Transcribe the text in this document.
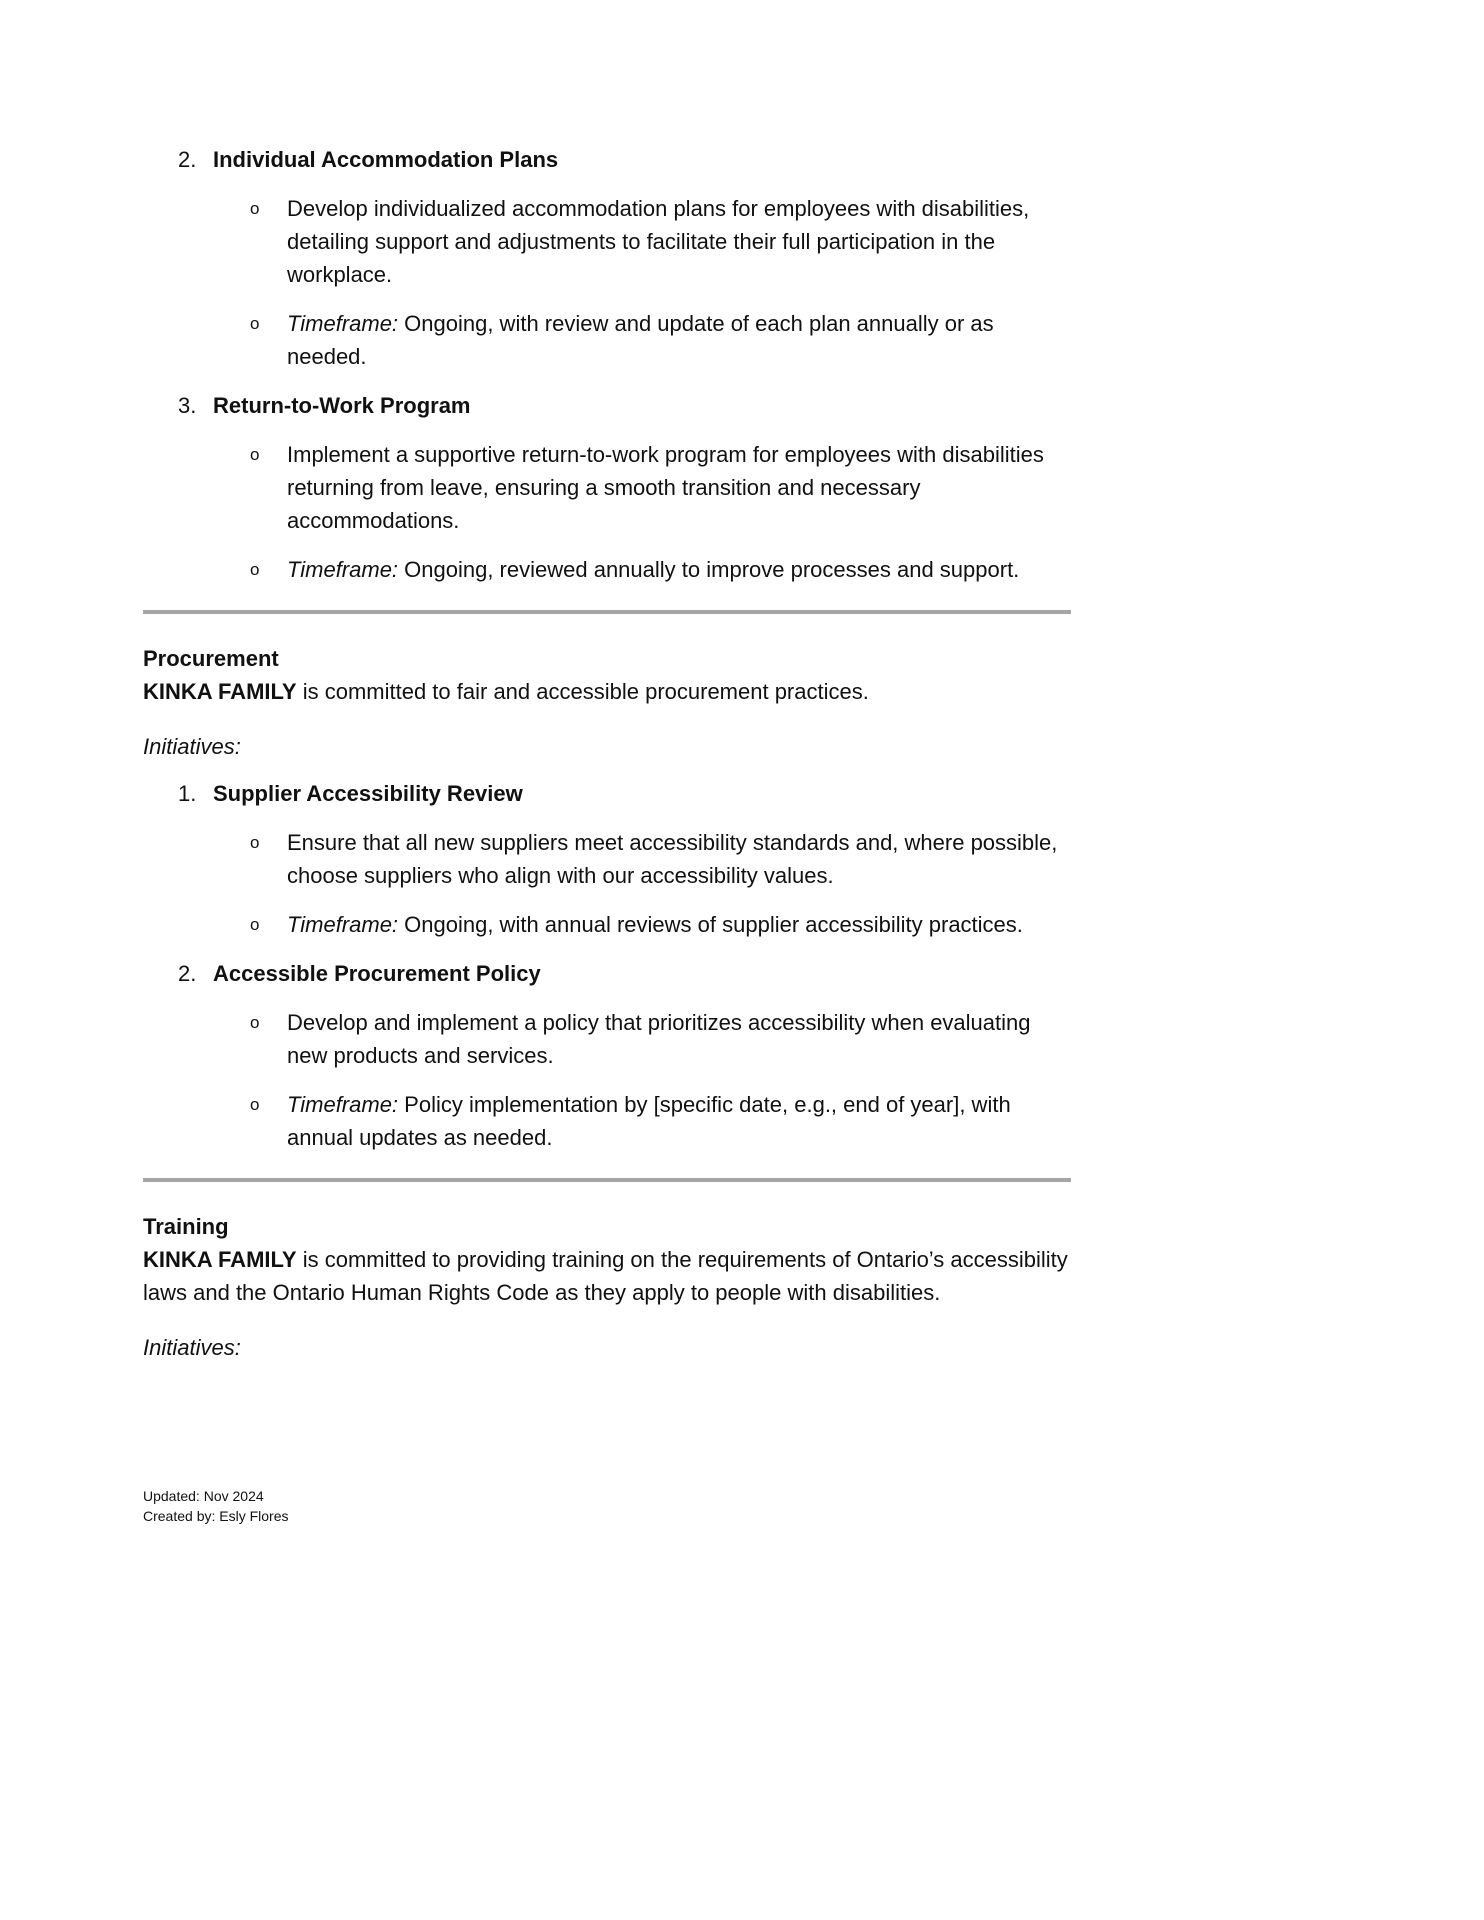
2. Individual Accommodation Plans
o	Develop individualized accommodation plans for employees with disabilities, detailing support and adjustments to facilitate their full participation in the workplace.

o	Timeframe: Ongoing, with review and update of each plan annually or as needed.

3. Return-to-Work Program
o	Implement a supportive return-to-work program for employees with disabilities returning from leave, ensuring a smooth transition and necessary accommodations.

o	Timeframe: Ongoing, reviewed annually to improve processes and support.

Procurement

KINKA FAMILY is committed to fair and accessible procurement practices.

Initiatives:

1. Supplier Accessibility Review
o	Ensure that all new suppliers meet accessibility standards and, where possible, choose suppliers who align with our accessibility values.

o	Timeframe: Ongoing, with annual reviews of supplier accessibility practices.

2. Accessible Procurement Policy
o	Develop and implement a policy that prioritizes accessibility when evaluating new products and services.

o	Timeframe: Policy implementation by [specific date, e.g., end of year], with annual updates as needed.

Training

KINKA FAMILY is committed to providing training on the requirements of Ontario’s accessibility laws and the Ontario Human Rights Code as they apply to people with disabilities.

Initiatives:

Updated: Nov 2024
Created by: Esly Flores
